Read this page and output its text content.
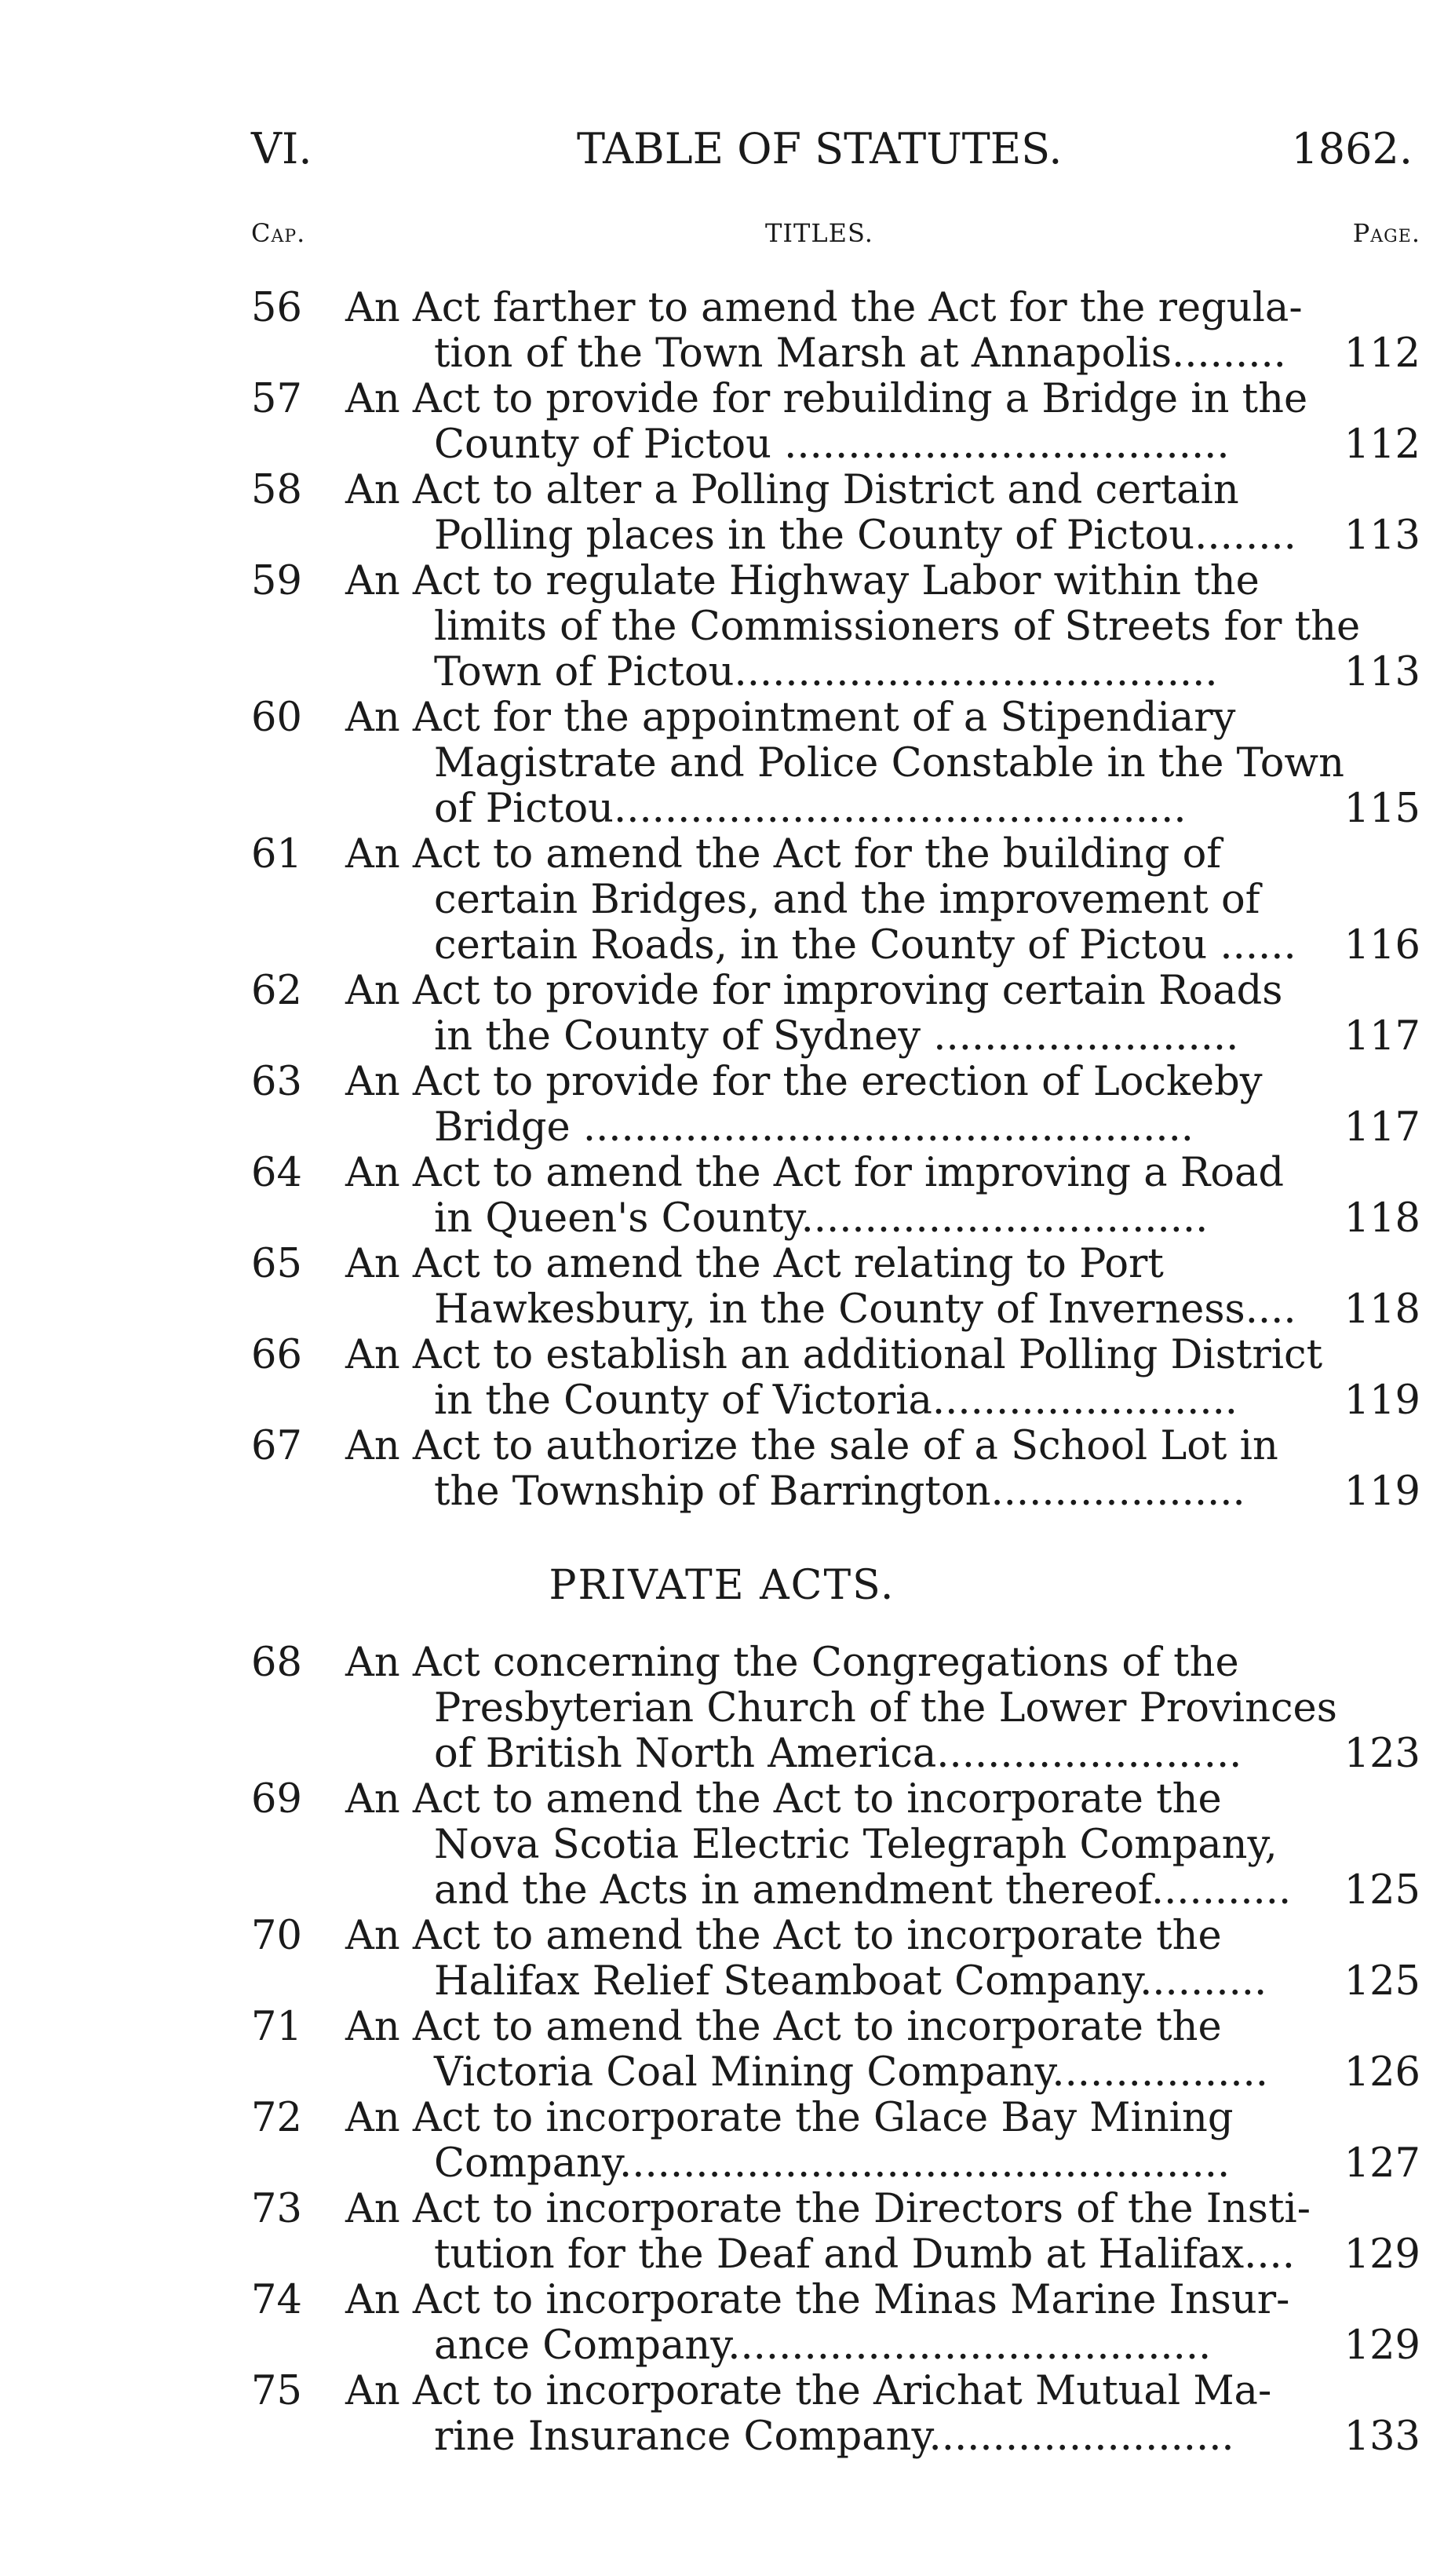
VI.	TABLE OF STATUTES.	1862.
Cap.	TITLES.	Page.
56	An Act farther to amend the Act for the regula-
tion of the Town Marsh at Annapolis.........	112
57	An Act to provide for rebuilding a Bridge in the
County of Pictou ...................................	112
58	An Act to alter a Polling District and certain
Polling places in the County of Pictou........	113
59	An Act to regulate Highway Labor within the
limits of the Commissioners of Streets for the
Town of Pictou......................................	113
60	An Act for the appointment of a Stipendiary
Magistrate and Police Constable in the Town
of Pictou.............................................	115
61	An Act to amend the Act for the building of
certain Bridges, and the improvement of
certain Roads, in the County of Pictou ......	116
62	An Act to provide for improving certain Roads
in the County of Sydney ........................	117
63	An Act to provide for the erection of Lockeby
Bridge ................................................	117
64	An Act to amend the Act for improving a Road
in Queen's County................................	118
65	An Act to amend the Act relating to Port
Hawkesbury, in the County of Inverness....	118
66	An Act to establish an additional Polling District
in the County of Victoria........................	119
67	An Act to authorize the sale of a School Lot in
the Township of Barrington....................	119
PRIVATE ACTS.
68	An Act concerning the Congregations of the
Presbyterian Church of the Lower Provinces
of British North America........................	123
69	An Act to amend the Act to incorporate the
Nova Scotia Electric Telegraph Company,
and the Acts in amendment thereof...........	125
70	An Act to amend the Act to incorporate the
Halifax Relief Steamboat Company..........	125
71	An Act to amend the Act to incorporate the
Victoria Coal Mining Company.................	126
72	An Act to incorporate the Glace Bay Mining
Company................................................	127
73	An Act to incorporate the Directors of the Insti-
tution for the Deaf and Dumb at Halifax....	129
74	An Act to incorporate the Minas Marine Insur-
ance Company......................................	129
75	An Act to incorporate the Arichat Mutual Ma-
rine Insurance Company........................	133
